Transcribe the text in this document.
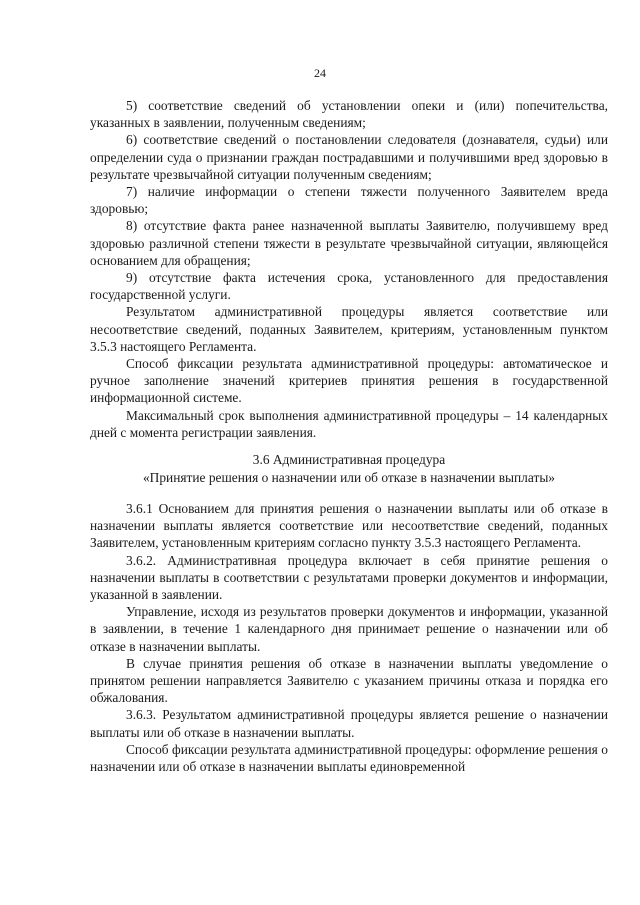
24

5) соответствие сведений об установлении опеки и (или) попечительства, указанных в заявлении, полученным сведениям;

6) соответствие сведений о постановлении следователя (дознавателя, судьи) или определении суда о признании граждан пострадавшими и получившими вред здоровью в результате чрезвычайной ситуации полученным сведениям;

7) наличие информации о степени тяжести полученного Заявителем вреда здоровью;

8) отсутствие факта ранее назначенной выплаты Заявителю, получившему вред здоровью различной степени тяжести в результате чрезвычайной ситуации, являющейся основанием для обращения;

9) отсутствие факта истечения срока, установленного для предоставления государственной услуги.

Результатом административной процедуры является соответствие или несоответствие сведений, поданных Заявителем, критериям, установленным пунктом 3.5.3 настоящего Регламента.

Способ фиксации результата административной процедуры: автоматическое и ручное заполнение значений критериев принятия решения в государственной информационной системе.

Максимальный срок выполнения административной процедуры – 14 календарных дней с момента регистрации заявления.

3.6 Административная процедура
«Принятие решения о назначении или об отказе в назначении выплаты»

3.6.1 Основанием для принятия решения о назначении выплаты или об отказе в назначении выплаты является соответствие или несоответствие сведений, поданных Заявителем, установленным критериям согласно пункту 3.5.3 настоящего Регламента.

3.6.2. Административная процедура включает в себя принятие решения о назначении выплаты в соответствии с результатами проверки документов и информации, указанной в заявлении.

Управление, исходя из результатов проверки документов и информации, указанной в заявлении, в течение 1 календарного дня принимает решение о назначении или об отказе в назначении выплаты.

В случае принятия решения об отказе в назначении выплаты уведомление о принятом решении направляется Заявителю с указанием причины отказа и порядка его обжалования.

3.6.3. Результатом административной процедуры является решение о назначении выплаты или об отказе в назначении выплаты.

Способ фиксации результата административной процедуры: оформление решения о назначении или об отказе в назначении выплаты единовременной
